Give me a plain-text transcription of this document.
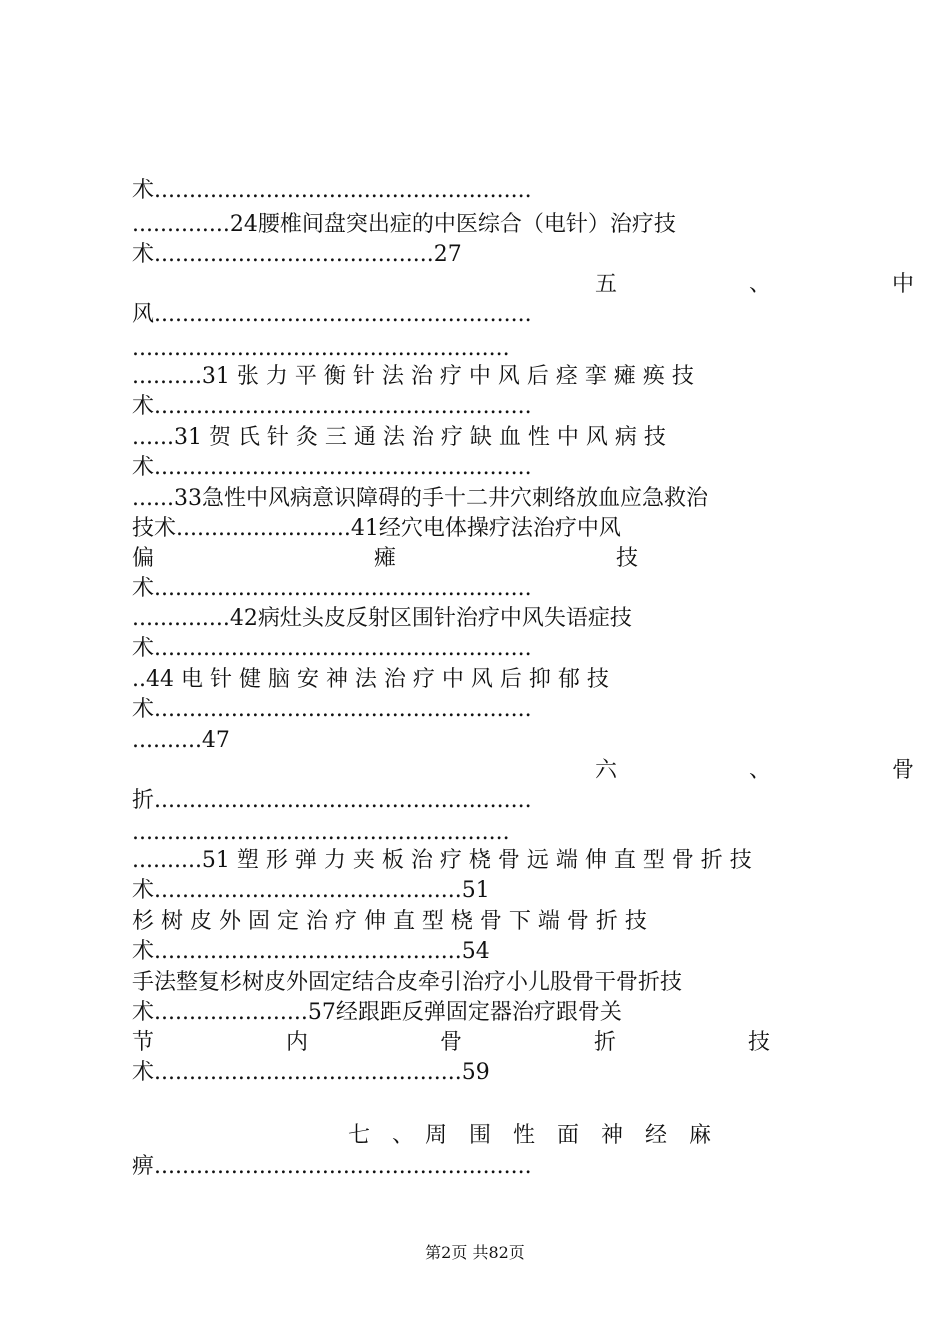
术......................................................
..............24腰椎间盘突出症的中医综合（电针）治疗技
术........................................27
五　　　　　　、　　　　　　中
风......................................................
......................................................
..........31 张 力 平 衡 针 法 治 疗 中 风 后 痉 挛 瘫 痪 技
术......................................................
......31 贺 氏 针 灸 三 通 法 治 疗 缺 血 性 中 风 病 技
术......................................................
......33急性中风病意识障碍的手十二井穴刺络放血应急救治
技术.........................41经穴电体操疗法治疗中风
偏　　　　　　　　　　瘫　　　　　　　　　　技
术......................................................
..............42病灶头皮反射区围针治疗中风失语症技
术......................................................
..44 电 针 健 脑 安 神 法 治 疗 中 风 后 抑 郁 技
术......................................................
..........47
六　　　　　　、　　　　　　骨
折......................................................
......................................................
..........51 塑 形 弹 力 夹 板 治 疗 桡 骨 远 端 伸 直 型 骨 折 技
术............................................51
杉 树 皮 外 固 定 治 疗 伸 直 型 桡 骨 下 端 骨 折 技
术............................................54
手法整复杉树皮外固定结合皮牵引治疗小儿股骨干骨折技
术......................57经跟距反弹固定器治疗跟骨关
节　　　　　　内　　　　　　骨　　　　　　折　　　　　　技
术............................................59
七　、　周　围　性　面　神　经　麻
痹......................................................
第2页 共82页
